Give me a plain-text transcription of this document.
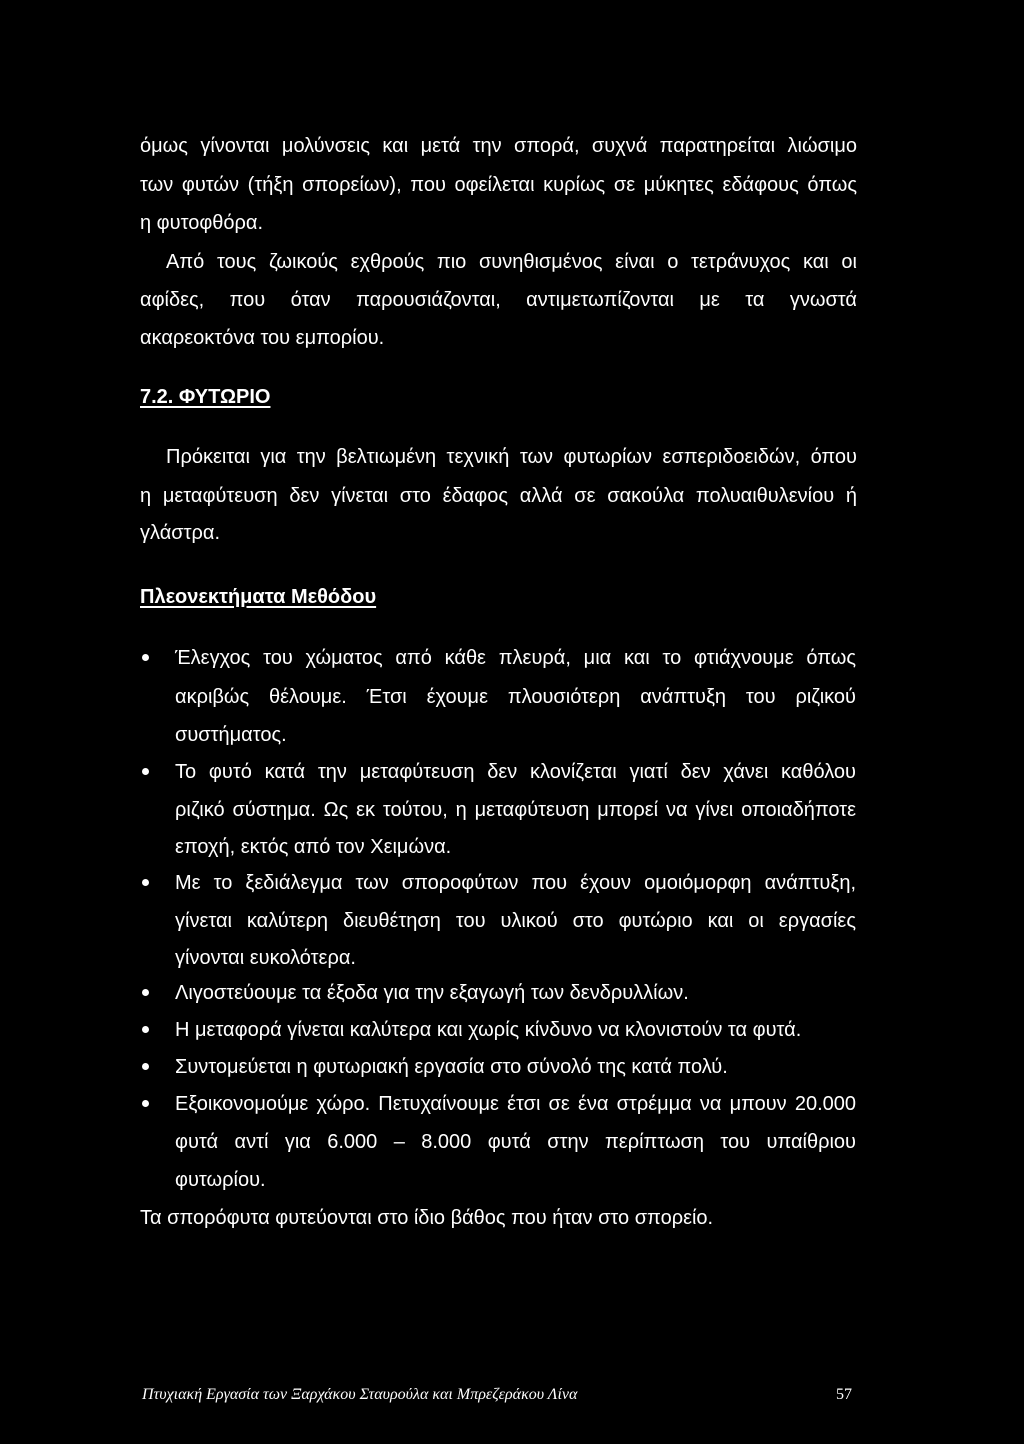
όμως γίνονται μολύνσεις και μετά την σπορά, συχνά παρατηρείται λιώσιμο
των φυτών (τήξη σπορείων), που οφείλεται κυρίως σε μύκητες εδάφους όπως
η φυτοφθόρα.
Από τους ζωικούς εχθρούς πιο συνηθισμένος είναι ο τετράνυχος και οι
αφίδες, που όταν παρουσιάζονται, αντιμετωπίζονται με τα γνωστά
ακαρεοκτόνα του εμπορίου.
7.2. ΦΥΤΩΡΙΟ
Πρόκειται για την βελτιωμένη τεχνική των φυτωρίων εσπεριδοειδών, όπου
η μεταφύτευση δεν γίνεται στο έδαφος αλλά σε σακούλα πολυαιθυλενίου ή
γλάστρα.
Πλεονεκτήματα Μεθόδου
Έλεγχος του χώματος από κάθε πλευρά, μια και το φτιάχνουμε όπως
ακριβώς θέλουμε. Έτσι έχουμε πλουσιότερη ανάπτυξη του ριζικού
συστήματος.
Το φυτό κατά την μεταφύτευση δεν κλονίζεται γιατί δεν χάνει καθόλου
ριζικό σύστημα. Ως εκ τούτου, η μεταφύτευση μπορεί να γίνει οποιαδήποτε
εποχή, εκτός από τον Χειμώνα.
Με το ξεδιάλεγμα των σποροφύτων που έχουν ομοιόμορφη ανάπτυξη,
γίνεται καλύτερη διευθέτηση του υλικού στο φυτώριο και οι εργασίες
γίνονται ευκολότερα.
Λιγοστεύουμε τα έξοδα για την εξαγωγή των δενδρυλλίων.
Η μεταφορά γίνεται καλύτερα και χωρίς κίνδυνο να κλονιστούν τα φυτά.
Συντομεύεται η φυτωριακή εργασία στο σύνολό της κατά πολύ.
Εξοικονομούμε χώρο. Πετυχαίνουμε έτσι σε ένα στρέμμα να μπουν 20.000
φυτά αντί για 6.000 – 8.000 φυτά στην περίπτωση του υπαίθριου
φυτωρίου.
Τα σπορόφυτα φυτεύονται στο ίδιο βάθος που ήταν στο σπορείο.
Πτυχιακή Εργασία των Ξαρχάκου Σταυρούλα και Μπρεζεράκου Λίνα	57
